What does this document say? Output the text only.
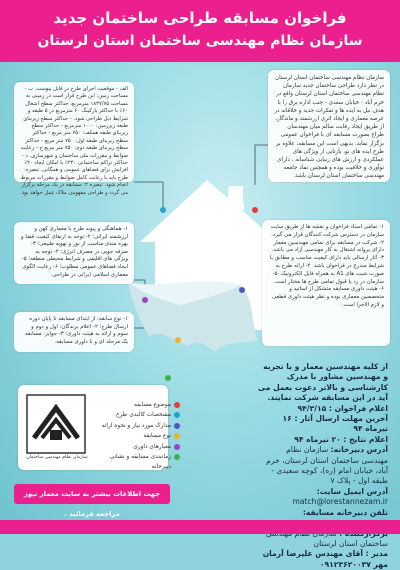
فراخوان مسابقه طراحی ساختمان جدید
سازمان نظام مهندسی ساختمان استان لرستان

سازمان نظام مهندسی ساختمان استان لرستان در نظر دارد طراحی ساختمان جدید سازمان نظام مهندسی ساختمان استان لرستان واقع در خرم آباد - خیابان سعدی - جنب اداره برق را با هدف نیل به ایده ها و تفکرات جدید و خلاقانه در عرصه معماری و ایجاد اثری ارزشمند و ماندگار، از طریق ایجاد رقابت سالم میان مهندسان طراح بصورت مسابقه ای با فراخوان عمومی برگزار نماید. بدیهی است این مسابقه، علاوه بر طرح ایده های نو، بازتابی از ویژگی های عملکردی و ارزش های زیبایی شناسانه ، دارای نوآوری و خلاقیت بوده و همچنین نماد جامعه مهندسی ساختمان استان لرستان باشد.

الف - موقعیت اجرای طرح در فایل پیوست. ب - مساحت زمین: این طرح قرار است در زمینی به مساحت ۱۸۳۷/۷۵ مترمربع، حداکثر سطح اشغال ۶۰٪ با حداکثر پارکینگ ۶۰ مترمربع در ۵ طبقه و شرایط ذیل طراحی شود. - حداکثر سطح زیربنای طبقه زیرزمین: ۱۰۰۰ مترمربع - حداکثر سطح زیربنای طبقه همکف: ۷۵۰ متر مربع - حداکثر سطح زیربنای طبقه اول: ۷۵۰ متر مربع - حداکثر سطح زیربنای طبقه دوم: ۷۵۰ متر مربع ج - رعایت ضوابط و مقررات ملی ساختمان و شهرسازی. د - حداکثر تراکم ساختمانی ۲۴۰٪ با امکان ایجاد ۲۰٪ افزایش برای فضاهای عمومی و همگانی. تبصره: طرح باید با رعایت کامل ضوابط و مقررات مربوط انجام شود. تبصره ۲: مسابقه در یک مرحله برگزار می گردد و طراحی مفهومی ملاک عمل خواهد بود.

۱- هماهنگی و پیوند طرح با معماری کهن و ارزشمند ایرانی؛ ۲- توجه به ارتقای کیفیت فضا و بهره مندی مناسب از نور و تهویه طبیعی؛ ۳- صرفه جویی در مصرف انرژی؛ ۴- توجه به ویژگی های اقلیمی و شرایط محیطی منطقه؛ ۵- ایجاد فضاهای عمومی مطلوب؛ ۶- رعایت الگوی معماری اسلامی ایرانی در طراحی.

۱- نوع سابقه: از ابتدای مسابقه تا پایان دوره ارسال طرح؛ ۲- اعلام برندگان: اول و دوم و سوم و ارائه به هیئت داوری؛ ۳- جوایز: مسابقه یک مرحله ای و با داوری مسابقه.

۱- تمامی اسناد فراخوان و نقشه ها از طریق سایت سازمان در دسترس شرکت کنندگان قرار می گیرد. ۲- شرکت در مسابقه برای تمامی مهندسین معمار دارای پروانه اشتغال به کار مهندسی آزاد می باشد. ۳- آثار ارسالی باید دارای کیفیت مناسب و مطابق با شرایط مندرج در فراخوان باشد. ۴- ارائه طرح به صورت شیت های A1 به همراه فایل الکترونیک. ۵- سازمان در رد یا قبول تمامی طرح ها مختار است. ۶- هیئت داوری مسابقه متشکل از اساتید و متخصصین معماری بوده و نظر هیئت داوری قطعی و لازم الاجرا است.

از کلیه مهندسین معمار و یا تجربه و مهندسین مشاور با مدرک کارشناسی و بالاتر دعوت بعمل می آید در این مسابقه شرکت نمایند.

اعلام فراخوان : ۹۴/۳/۱۵

آخرین مهلت ارسال آثار : ۱۶ تیرماه ۹۴

اعلام نتایج : ۲۰ تیرماه ۹۴

آدرس دبیرخانه: سازمان نظام مهندسی ساختمان استان لرستان، خرم آباد، خیابان امام (ره)، کوچه سعیدی - طبقه اول - پلاک ۷

آدرس ایمیل سایت: match@lorestannezam.ir

تلفن دبیرخانه مسابقه:

ساختمان استان لرستان

مدیر : آقای مهندس علیرضا آرمان مهر ۰۹۱۲۳۶۲۰۰۳۷

سازمان نظام مهندسی ساختمان
موضوع مسابقه
مشخصات کالبدی طرح
مدارک مورد نیاز و نحوه ارائه
نوع مسابقه
معیارهای داوری
زمانبندی مسابقه و نشانی دبیرخانه
جهت اطلاعات بیشتر به سایت معمار نیوز مراجعه فرمائید .
